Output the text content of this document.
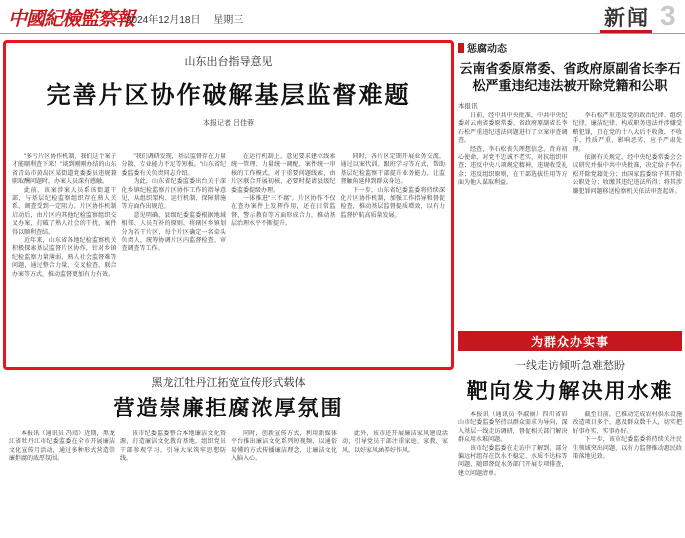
中國紀檢監察報
2024年12月18日 星期三	新闻 3
山东出台指导意见
完善片区协作破解基层监督难题
本报记者 吕佳蓉

"多亏片区协作机制，我们这个案子才能顺利查下来！"谈到刚刚办结的山东省青岛市黄岛区某街道党委委员违规兼职取酬问题时，办案人员深有感触。

此前，该案涉案人员系该街道干部，与基层纪检监察组织存在熟人关系，调查受到一定阻力。片区协作机制启动后，由片区内其他纪检监察组织交叉办案，打破了熟人社会的干扰，案件得以顺利查结。

近年来，山东省各地纪检监察机关积极探索基层监督片区协作，针对乡镇纪检监察力量薄弱、熟人社会监督难等问题，通过整合力量、交叉检查、联合办案等方式，推动监督更加有力有效。

"我们调研发现，基层监督存在力量分散、专业能力不足等短板。"山东省纪委监委有关负责同志介绍。

为此，山东省纪委监委出台关于深化乡镇纪检监察片区协作工作的指导意见，从组织架构、运行机制、保障措施等方面作出规范。

意见明确，县级纪委监委根据地域相邻、人员互补的原则，将辖区乡镇划分为若干片区，每个片区确定一名牵头负责人，统筹协调片区内监督检查、审查调查等工作。

在运行机制上，意见要求建立线索统一管理、力量统一调配、案件统一审核的工作模式。对于重要问题线索，由片区联合开展初核，必要时提请县级纪委监委提级办理。

一体推进"三不腐"。片区协作不仅在查办案件上发挥作用，还在日常监督、警示教育等方面形成合力，推动基层治理水平不断提升。

同时，各片区定期开展业务交流，通过以案代训、跟班学习等方式，帮助基层纪检监察干部提升业务能力，让监督触角延伸到群众身边。

下一步，山东省纪委监委将持续深化片区协作机制，加强工作指导和督促检查，推动基层监督提质增效，以有力监督护航高质量发展。

惩腐动态
云南省委原常委、省政府原副省长李石松严重违纪违法被开除党籍和公职
本报讯

日前，经中共中央批准，中共中央纪委对云南省委原常委、省政府原副省长李石松严重违纪违法问题进行了立案审查调查。

经查，李石松丧失理想信念，背弃初心使命，对党不忠诚不老实，对抗组织审查；违反中央八项规定精神，违规收受礼金；违反组织原则，在干部选拔任用等方面为他人谋取利益。

李石松严重违反党的政治纪律、组织纪律、廉洁纪律，构成职务违法并涉嫌受贿犯罪，且在党的十八大后不收敛、不收手，性质严重，影响恶劣，应予严肃处理。

依据有关规定，经中央纪委常委会会议研究并报中共中央批准，决定给予李石松开除党籍处分；由国家监委给予其开除公职处分；收缴其违纪违法所得；将其涉嫌犯罪问题移送检察机关依法审查起诉。

为群众办实事
一线走访倾听急难愁盼
靶向发力解决用水难

本报讯（通讯员 李淑丽）四川省眉山市纪委监委坚持以群众需求为导向，深入基层一线走访调研，督促相关部门解决群众用水难问题。

该市纪委监委在走访中了解到，部分偏远村组存在饮水不稳定、水质不达标等问题，随即督促水务部门开展专项排查，建立问题清单。

截至目前，已推动完成农村供水设施改造项目多个，惠及群众数千人，切实把好事办实、实事办好。

下一步，该市纪委监委将持续关注民生领域突出问题，以有力监督推动惠民政策落地见效。

黑龙江牡丹江拓宽宣传形式载体
营造崇廉拒腐浓厚氛围

本报讯（通讯员 冯靖）近期，黑龙江省牡丹江市纪委监委在全市开展廉洁文化宣传月活动，通过多种形式营造崇廉拒腐的浓厚氛围。

该市纪委监委整合本地廉洁文化资源，打造廉洁文化教育基地，组织党员干部参观学习，引导大家筑牢思想防线。

同时，创新宣传方式，利用新媒体平台推出廉洁文化系列短视频，以通俗易懂的方式传播廉洁理念，让廉洁文化入脑入心。

此外，该市还开展廉洁家风建设活动，引导党员干部注重家庭、家教、家风，以好家风涵养好作风。
